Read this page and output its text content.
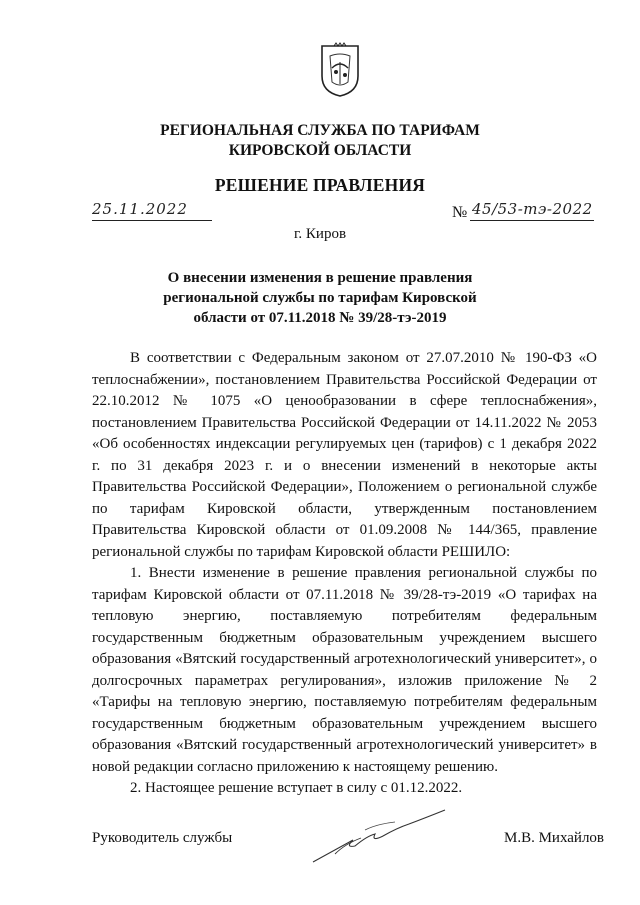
РЕГИОНАЛЬНАЯ СЛУЖБА ПО ТАРИФАМ
КИРОВСКОЙ ОБЛАСТИ
РЕШЕНИЕ ПРАВЛЕНИЯ
25.11.2022	№ 45/53-тэ-2022
г. Киров
О внесении изменения в решение правления
региональной службы по тарифам Кировской
области от 07.11.2018 № 39/28-тэ-2019

В соответствии с Федеральным законом от 27.07.2010 № 190-ФЗ «О теплоснабжении», постановлением Правительства Российской Федерации от 22.10.2012 № 1075 «О ценообразовании в сфере теплоснабжения», постановлением Правительства Российской Федерации от 14.11.2022 № 2053 «Об особенностях индексации регулируемых цен (тарифов) с 1 декабря 2022 г. по 31 декабря 2023 г. и о внесении изменений в некоторые акты Правительства Российской Федерации», Положением о региональной службе по тарифам Кировской области, утвержденным постановлением Правительства Кировской области от 01.09.2008 № 144/365, правление региональной службы по тарифам Кировской области РЕШИЛО:

1. Внести изменение в решение правления региональной службы по тарифам Кировской области от 07.11.2018 № 39/28-тэ-2019 «О тарифах на тепловую энергию, поставляемую потребителям федеральным государственным бюджетным образовательным учреждением высшего образования «Вятский государственный агротехнологический университет», о долгосрочных параметрах регулирования», изложив приложение № 2 «Тарифы на тепловую энергию, поставляемую потребителям федеральным государственным бюджетным образовательным учреждением высшего образования «Вятский государственный агротехнологический университет» в новой редакции согласно приложению к настоящему решению.

2. Настоящее решение вступает в силу с 01.12.2022.

Руководитель службы	М.В. Михайлов
